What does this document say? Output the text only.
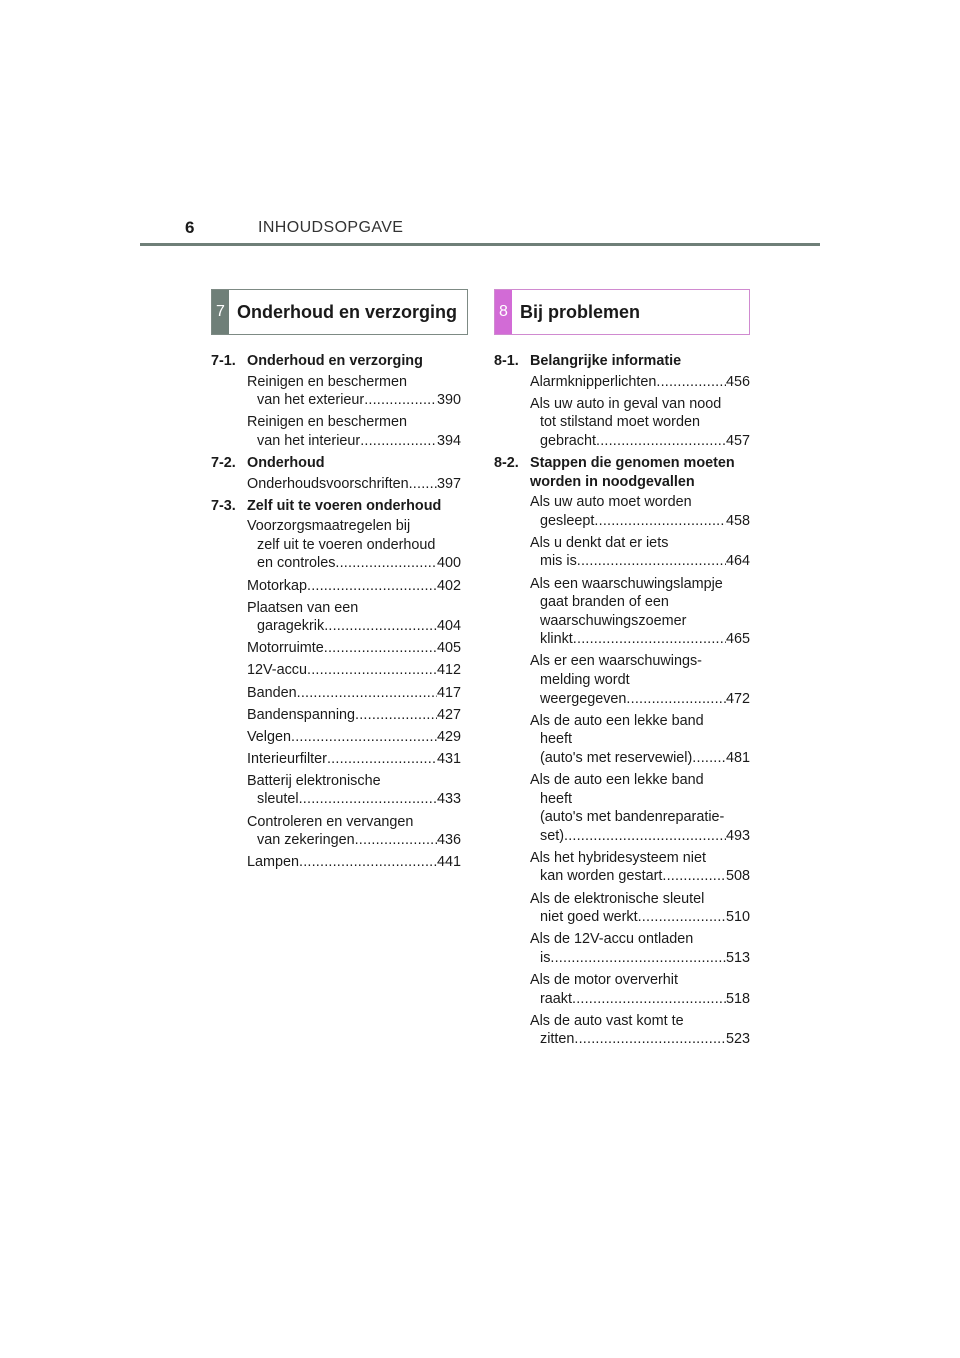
6	INHOUDSOPGAVE
7 Onderhoud en verzorging	8 Bij problemen
7-1. Onderhoud en verzorging
Reinigen en beschermen
van het exterieur .....	390
Reinigen en beschermen
van het interieur .....	394
7-2. Onderhoud
Onderhoudsvoorschriften ..... 397
7-3. Zelf uit te voeren onderhoud
Voorzorgsmaatregelen bij
zelf uit te voeren onderhoud
en controles .....	400
Motorkap .....	402
Plaatsen van een
garagekrik .....	404
Motorruimte .....	405
12V-accu .....	412
Banden .....	417
Bandenspanning .....	427
Velgen .....	429
Interieurfilter .....	431
Batterij elektronische
sleutel .....	433
Controleren en vervangen
van zekeringen .....	436
Lampen .....	441
8-1. Belangrijke informatie
Alarmknipperlichten .....	456
Als uw auto in geval van nood
tot stilstand moet worden
gebracht .....	457
8-2. Stappen die genomen moeten worden in noodgevallen
Als uw auto moet worden
gesleept .....	458
Als u denkt dat er iets
mis is .....	464
Als een waarschuwingslampje
gaat branden of een
waarschuwingszoemer
klinkt .....	465
Als er een waarschuwings-
melding wordt
weergegeven .....	472
Als de auto een lekke band
heeft
(auto's met reservewiel) ..... 481
Als de auto een lekke band
heeft
(auto's met bandenreparatie-
set) .....	493
Als het hybridesysteem niet
kan worden gestart .....	508
Als de elektronische sleutel
niet goed werkt .....	510
Als de 12V-accu ontladen
is .....	513
Als de motor oververhit
raakt .....	518
Als de auto vast komt te
zitten .....	523
